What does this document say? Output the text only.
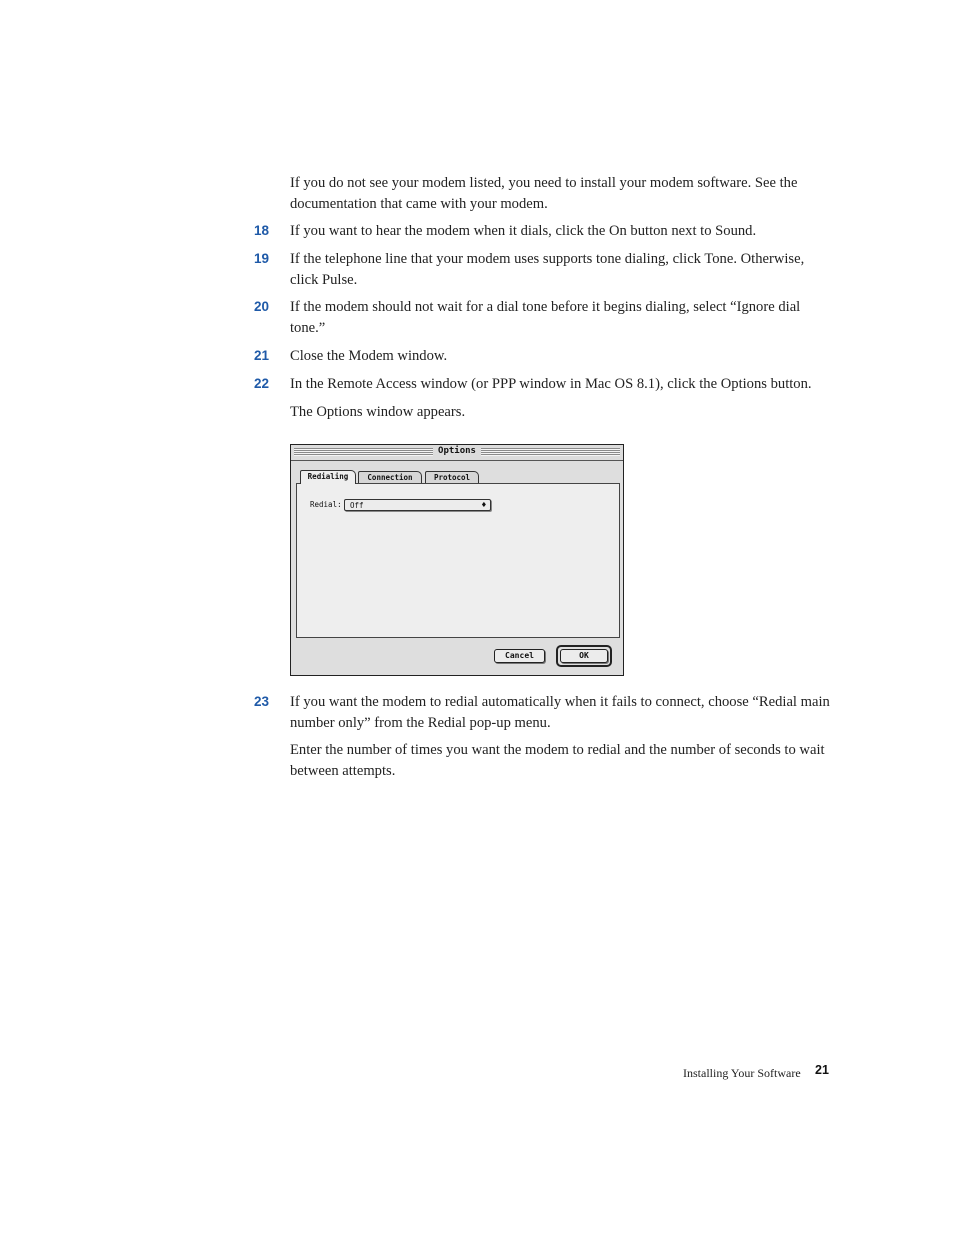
If you do not see your modem listed, you need to install your modem software. See the documentation that came with your modem.
18 If you want to hear the modem when it dials, click the On button next to Sound.
19 If the telephone line that your modem uses supports tone dialing, click Tone. Otherwise, click Pulse.
20 If the modem should not wait for a dial tone before it begins dialing, select “Ignore dial tone.”
21 Close the Modem window.
22 In the Remote Access window (or PPP window in Mac OS 8.1), click the Options button.
The Options window appears.
Options
Redialing	Connection	Protocol
Redial: Off	♦
Cancel	OK
23 If you want the modem to redial automatically when it fails to connect, choose “Redial main number only” from the Redial pop-up menu.
Enter the number of times you want the modem to redial and the number of seconds to wait between attempts.
Installing Your Software 21
